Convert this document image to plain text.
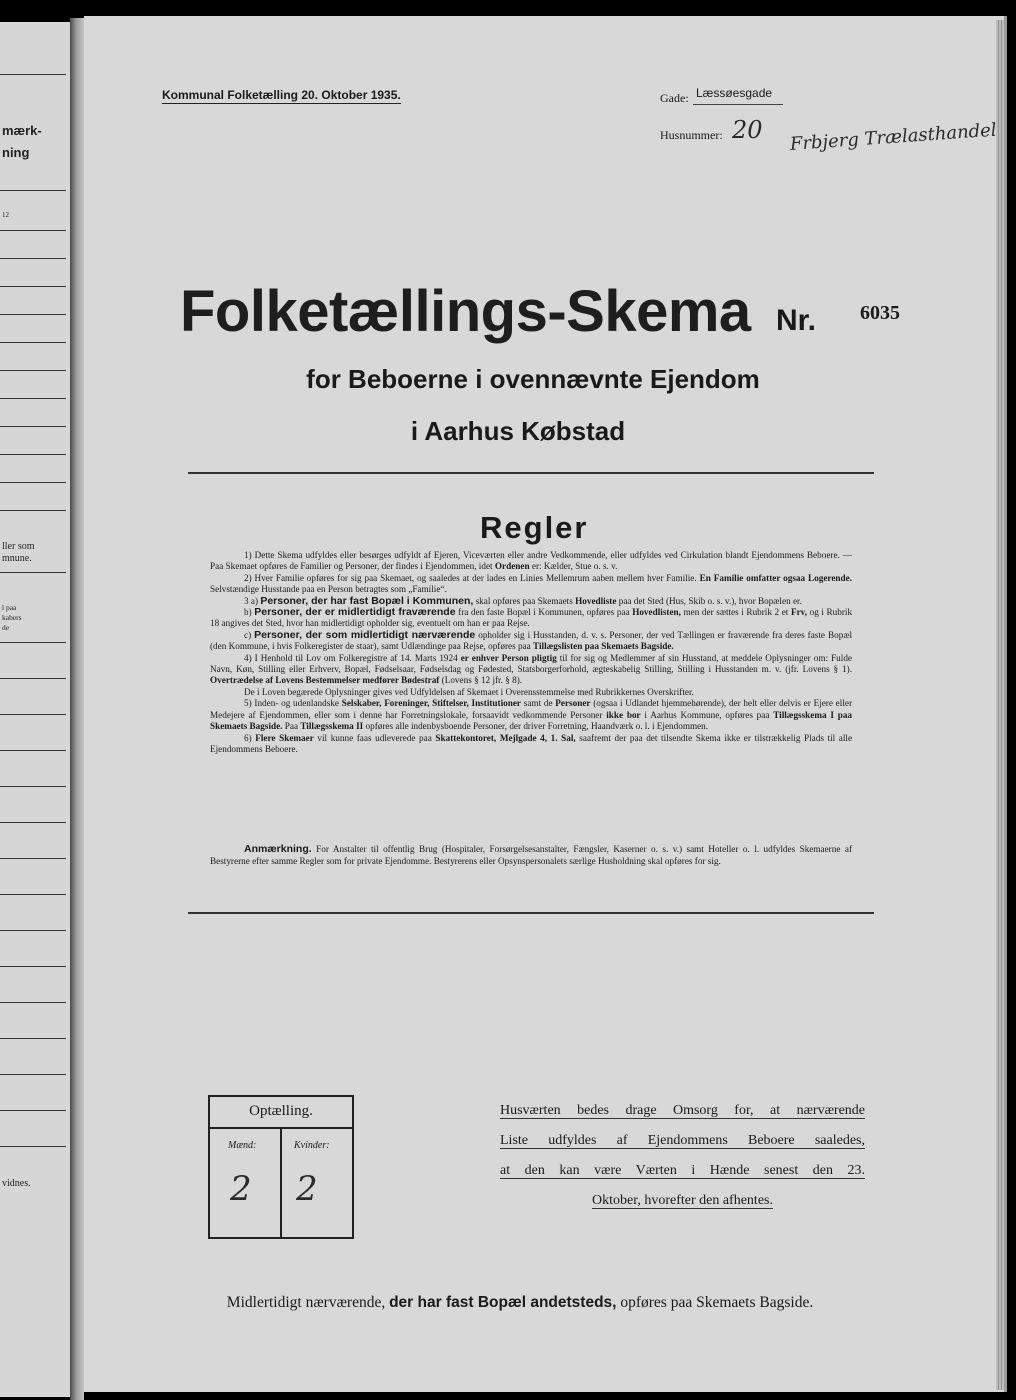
mærk-
ning
12
ller som
mnune.
l paa
kabers
de
vidnes.
Kommunal Folketælling 20. Oktober 1935.	Gade: Læssøesgade
Husnummer: 20 Frbjerg Trælasthandel
Folketællings-Skema Nr. 6035
for Beboerne i ovennævnte Ejendom
i Aarhus Købstad
Regler

1) Dette Skema udfyldes eller besørges udfyldt af Ejeren, Viceværten eller andre Vedkommende, eller udfyldes ved Cirkulation blandt Ejendommens Beboere. — Paa Skemaet opføres de Familier og Personer, der findes i Ejendommen, idet Ordenen er: Kælder, Stue o. s. v.

2) Hver Familie opføres for sig paa Skemaet, og saaledes at der lades en Linies Mellemrum aaben mellem hver Familie. En Familie omfatter ogsaa Logerende. Selvstændige Husstande paa en Person betragtes som „Familie“.

3 a) Personer, der har fast Bopæl i Kommunen, skal opføres paa Skemaets Hovedliste paa det Sted (Hus, Skib o. s. v.), hvor Bopælen er.

b) Personer, der er midlertidigt fraværende fra den faste Bopæl i Kommunen, opføres paa Hovedlisten, men der sættes i Rubrik 2 et Frv, og i Rubrik 18 angives det Sted, hvor han midlertidigt opholder sig, eventuelt om han er paa Rejse.

c) Personer, der som midlertidigt nærværende opholder sig i Husstanden, d. v. s. Personer, der ved Tællingen er fraværende fra deres faste Bopæl (den Kommune, i hvis Folkeregister de staar), samt Udlændinge paa Rejse, opføres paa Tillægslisten paa Skemaets Bagside.

4) I Henhold til Lov om Folkeregistre af 14. Marts 1924 er enhver Person pligtig til for sig og Medlemmer af sin Husstand, at meddele Oplysninger om: Fulde Navn, Køn, Stilling eller Erhverv, Bopæl, Fødselsaar, Fødselsdag og Fødested, Statsborgerforhold, ægteskabelig Stilling, Stilling i Husstanden m. v. (jfr. Lovens § 1). Overtrædelse af Lovens Bestemmelser medfører Bødestraf (Lovens § 12 jfr. § 8).

De i Loven begærede Oplysninger gives ved Udfyldelsen af Skemaet i Overensstemmelse med Rubrikkernes Overskrifter.

5) Inden- og udenlandske Selskaber, Foreninger, Stiftelser, Institutioner samt de Personer (ogsaa i Udlandet hjemmehørende), der helt eller delvis er Ejere eller Medejere af Ejendommen, eller som i denne har Forretningslokale, forsaavidt vedkommende Personer ikke bor i Aarhus Kommune, opføres paa Tillægsskema I paa Skemaets Bagside. Paa Tillægsskema II opføres alle indenbysboende Personer, der driver Forretning, Haandværk o. l. i Ejendommen.

6) Flere Skemaer vil kunne faas udleverede paa Skattekontoret, Mejlgade 4, 1. Sal, saafremt der paa det tilsendte Skema ikke er tilstrækkelig Plads til alle Ejendommens Beboere.

Anmærkning. For Anstalter til offentlig Brug (Hospitaler, Forsørgelsesanstalter, Fængsler, Kaserner o. s. v.) samt Hoteller o. l. udfyldes Skemaerne af Bestyrerne efter samme Regler som for private Ejendomme. Bestyrerens eller Opsynspersonalets særlige Husholdning skal opføres for sig.
Optælling.
Mænd:	Kvinder:
2 2
Husværten bedes drage Omsorg for, at nærværende
Liste udfyldes af Ejendommens Beboere saaledes,
at den kan være Værten i Hænde senest den 23.
Oktober, hvorefter den afhentes.
Midlertidigt nærværende, der har fast Bopæl andetsteds, opføres paa Skemaets Bagside.
